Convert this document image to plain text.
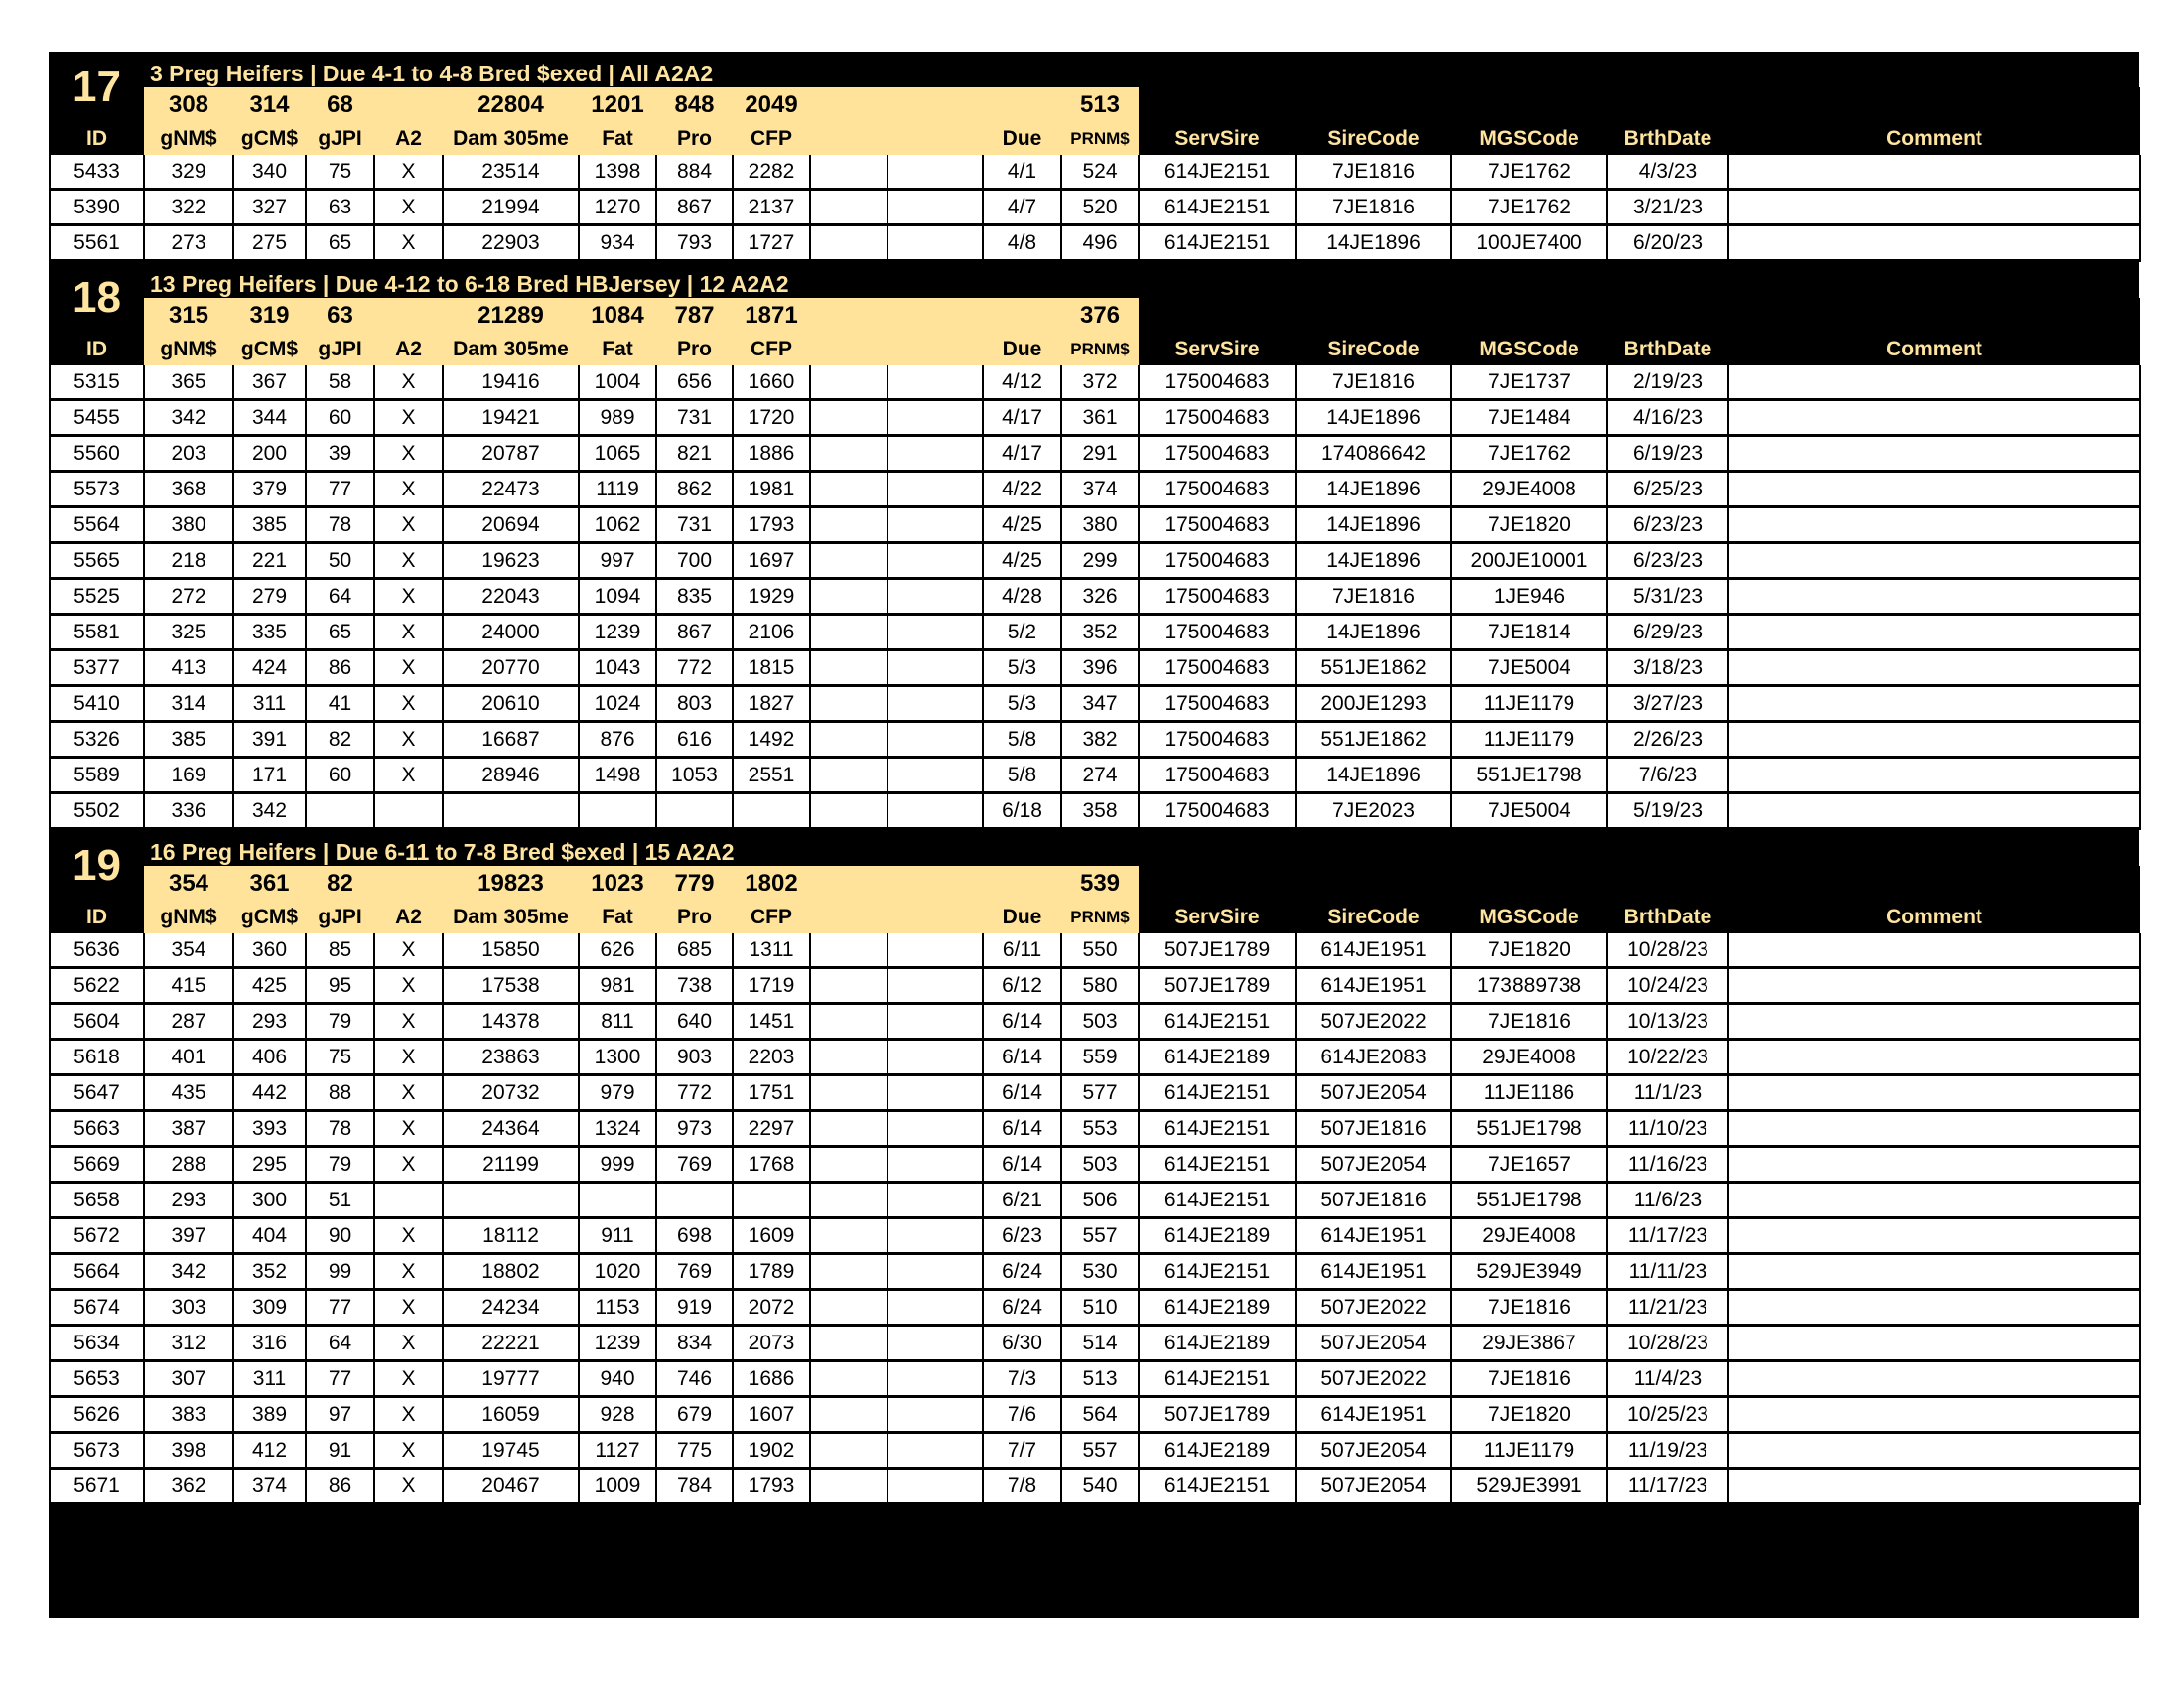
17	3 Preg Heifers | Due 4-1 to 4-8 Bred $exed | All A2A2																
	308	314	68		22804	1201	848	2049				513					
ID	gNM$	gCM$	gJPI	A2	Dam 305me	Fat	Pro	CFP			Due	PRNM$	ServSire	SireCode	MGSCode	BrthDate	Comment
5433	329	340	75	X	23514	1398	884	2282			4/1	524	614JE2151	7JE1816	7JE1762	4/3/23	
5390	322	327	63	X	21994	1270	867	2137			4/7	520	614JE2151	7JE1816	7JE1762	3/21/23	
5561	273	275	65	X	22903	934	793	1727			4/8	496	614JE2151	14JE1896	100JE7400	6/20/23	
18	13 Preg Heifers | Due 4-12 to 6-18 Bred HBJersey | 12 A2A2																
	315	319	63		21289	1084	787	1871				376					
ID	gNM$	gCM$	gJPI	A2	Dam 305me	Fat	Pro	CFP			Due	PRNM$	ServSire	SireCode	MGSCode	BrthDate	Comment
5315	365	367	58	X	19416	1004	656	1660			4/12	372	175004683	7JE1816	7JE1737	2/19/23	
5455	342	344	60	X	19421	989	731	1720			4/17	361	175004683	14JE1896	7JE1484	4/16/23	
5560	203	200	39	X	20787	1065	821	1886			4/17	291	175004683	174086642	7JE1762	6/19/23	
5573	368	379	77	X	22473	1119	862	1981			4/22	374	175004683	14JE1896	29JE4008	6/25/23	
5564	380	385	78	X	20694	1062	731	1793			4/25	380	175004683	14JE1896	7JE1820	6/23/23	
5565	218	221	50	X	19623	997	700	1697			4/25	299	175004683	14JE1896	200JE10001	6/23/23	
5525	272	279	64	X	22043	1094	835	1929			4/28	326	175004683	7JE1816	1JE946	5/31/23	
5581	325	335	65	X	24000	1239	867	2106			5/2	352	175004683	14JE1896	7JE1814	6/29/23	
5377	413	424	86	X	20770	1043	772	1815			5/3	396	175004683	551JE1862	7JE5004	3/18/23	
5410	314	311	41	X	20610	1024	803	1827			5/3	347	175004683	200JE1293	11JE1179	3/27/23	
5326	385	391	82	X	16687	876	616	1492			5/8	382	175004683	551JE1862	11JE1179	2/26/23	
5589	169	171	60	X	28946	1498	1053	2551			5/8	274	175004683	14JE1896	551JE1798	7/6/23	
5502	336	342									6/18	358	175004683	7JE2023	7JE5004	5/19/23	
19	16 Preg Heifers | Due 6-11 to 7-8 Bred $exed | 15 A2A2																
	354	361	82		19823	1023	779	1802				539					
ID	gNM$	gCM$	gJPI	A2	Dam 305me	Fat	Pro	CFP			Due	PRNM$	ServSire	SireCode	MGSCode	BrthDate	Comment
5636	354	360	85	X	15850	626	685	1311			6/11	550	507JE1789	614JE1951	7JE1820	10/28/23	
5622	415	425	95	X	17538	981	738	1719			6/12	580	507JE1789	614JE1951	173889738	10/24/23	
5604	287	293	79	X	14378	811	640	1451			6/14	503	614JE2151	507JE2022	7JE1816	10/13/23	
5618	401	406	75	X	23863	1300	903	2203			6/14	559	614JE2189	614JE2083	29JE4008	10/22/23	
5647	435	442	88	X	20732	979	772	1751			6/14	577	614JE2151	507JE2054	11JE1186	11/1/23	
5663	387	393	78	X	24364	1324	973	2297			6/14	553	614JE2151	507JE1816	551JE1798	11/10/23	
5669	288	295	79	X	21199	999	769	1768			6/14	503	614JE2151	507JE2054	7JE1657	11/16/23	
5658	293	300	51								6/21	506	614JE2151	507JE1816	551JE1798	11/6/23	
5672	397	404	90	X	18112	911	698	1609			6/23	557	614JE2189	614JE1951	29JE4008	11/17/23	
5664	342	352	99	X	18802	1020	769	1789			6/24	530	614JE2151	614JE1951	529JE3949	11/11/23	
5674	303	309	77	X	24234	1153	919	2072			6/24	510	614JE2189	507JE2022	7JE1816	11/21/23	
5634	312	316	64	X	22221	1239	834	2073			6/30	514	614JE2189	507JE2054	29JE3867	10/28/23	
5653	307	311	77	X	19777	940	746	1686			7/3	513	614JE2151	507JE2022	7JE1816	11/4/23	
5626	383	389	97	X	16059	928	679	1607			7/6	564	507JE1789	614JE1951	7JE1820	10/25/23	
5673	398	412	91	X	19745	1127	775	1902			7/7	557	614JE2189	507JE2054	11JE1179	11/19/23	
5671	362	374	86	X	20467	1009	784	1793			7/8	540	614JE2151	507JE2054	529JE3991	11/17/23	
